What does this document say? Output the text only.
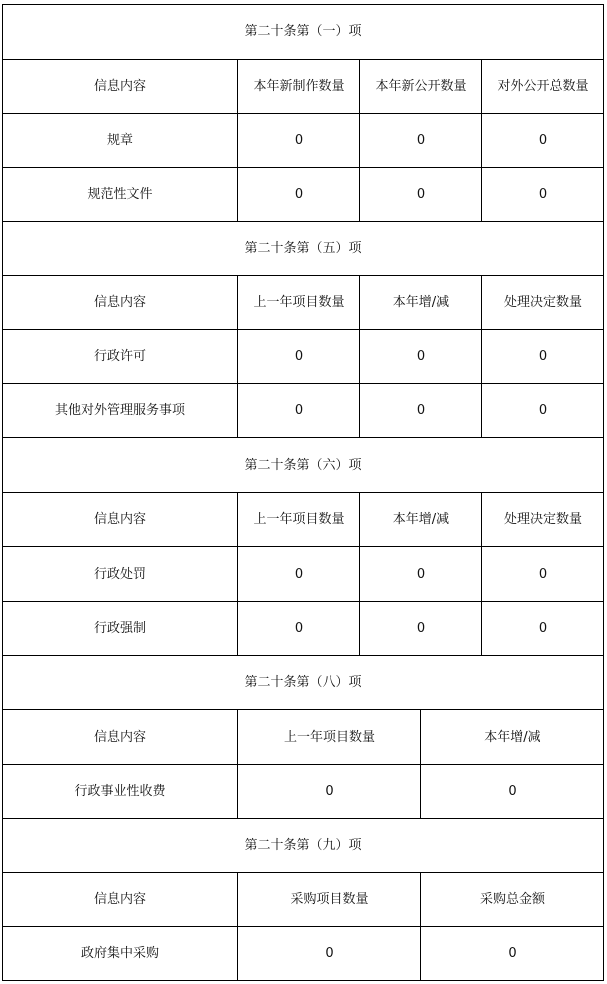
第二十条第（一）项
信息内容	本年新制作数量	本年新公开数量	对外公开总数量
规章	0	0	0
规范性文件	0	0	0
第二十条第（五）项
信息内容	上一年项目数量	本年增/减	处理决定数量
行政许可	0	0	0
其他对外管理服务事项	0	0	0
第二十条第（六）项
信息内容	上一年项目数量	本年增/减	处理决定数量
行政处罚	0	0	0
行政强制	0	0	0
第二十条第（八）项
信息内容	上一年项目数量	本年增/减
行政事业性收费	0	0
第二十条第（九）项
信息内容	采购项目数量	采购总金额
政府集中采购	0	0
